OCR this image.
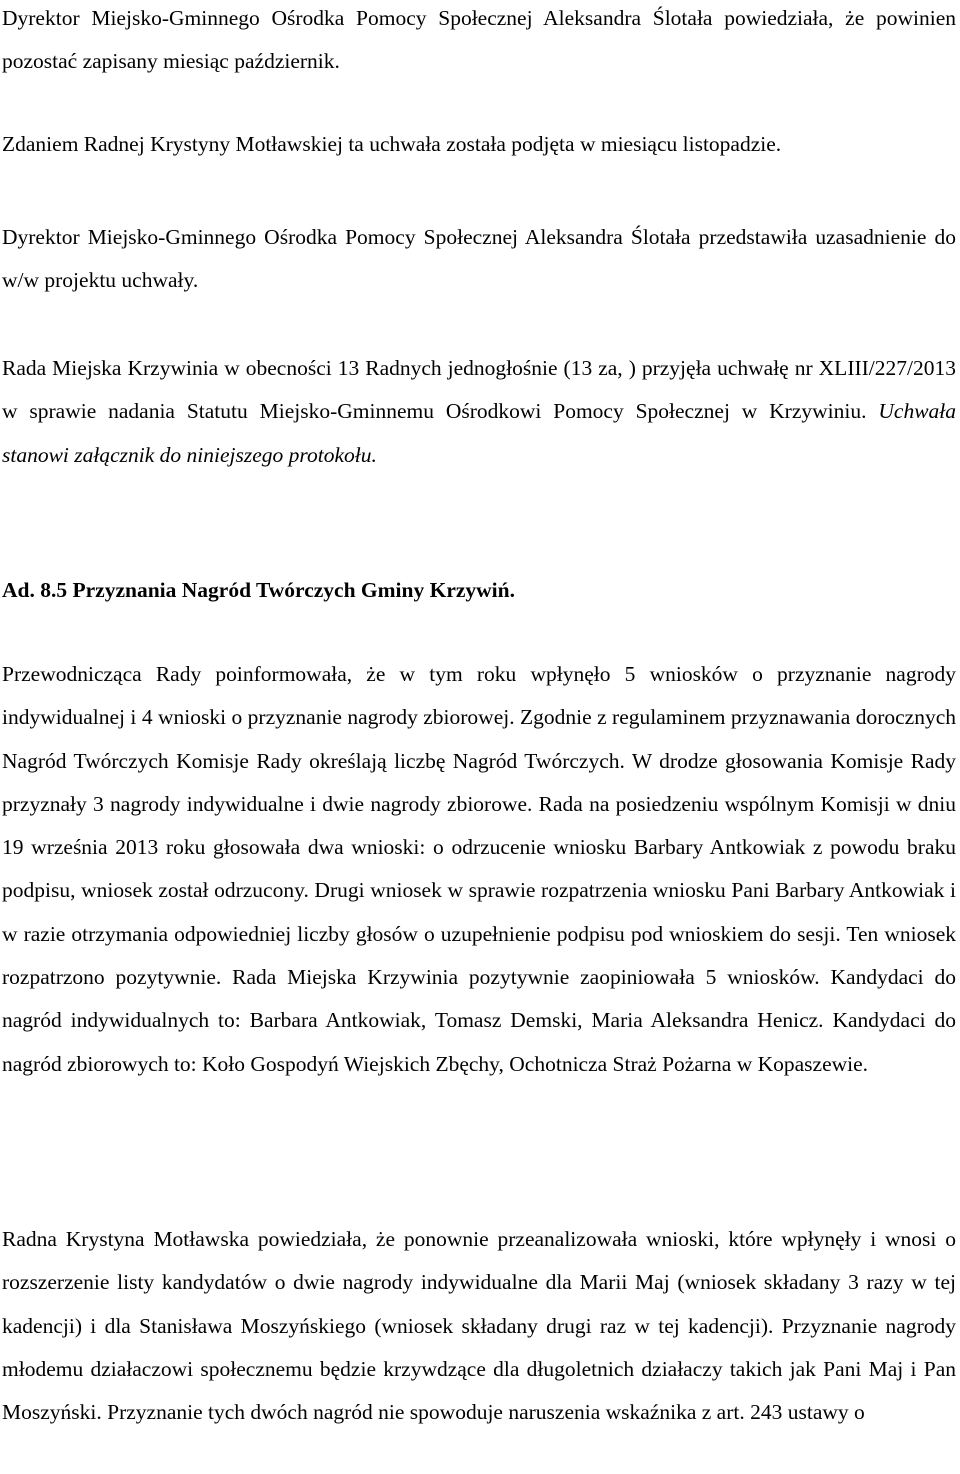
Dyrektor Miejsko-Gminnego Ośrodka Pomocy Społecznej Aleksandra Ślotała powiedziała, że powinien pozostać zapisany miesiąc październik.

Zdaniem Radnej Krystyny Motławskiej ta uchwała została podjęta w miesiącu listopadzie.

Dyrektor Miejsko-Gminnego Ośrodka Pomocy Społecznej Aleksandra Ślotała przedstawiła uzasadnienie do w/w projektu uchwały.

Rada Miejska Krzywinia w obecności 13 Radnych jednogłośnie (13 za, ) przyjęła uchwałę nr XLIII/227/2013 w sprawie nadania Statutu Miejsko-Gminnemu Ośrodkowi Pomocy Społecznej w Krzywiniu. Uchwała stanowi załącznik do niniejszego protokołu.

Ad. 8.5 Przyznania Nagród Twórczych Gminy Krzywiń.

Przewodnicząca Rady poinformowała, że w tym roku wpłynęło 5 wniosków o przyznanie nagrody indywidualnej i 4 wnioski o przyznanie nagrody zbiorowej. Zgodnie z regulaminem przyznawania dorocznych Nagród Twórczych Komisje Rady określają liczbę Nagród Twórczych. W drodze głosowania Komisje Rady przyznały 3 nagrody indywidualne i dwie nagrody zbiorowe. Rada na posiedzeniu wspólnym Komisji w dniu 19 września 2013 roku głosowała dwa wnioski: o odrzucenie wniosku Barbary Antkowiak z powodu braku podpisu, wniosek został odrzucony. Drugi wniosek w sprawie rozpatrzenia wniosku Pani Barbary Antkowiak i w razie otrzymania odpowiedniej liczby głosów o uzupełnienie podpisu pod wnioskiem do sesji. Ten wniosek rozpatrzono pozytywnie. Rada Miejska Krzywinia pozytywnie zaopiniowała 5 wniosków. Kandydaci do nagród indywidualnych to: Barbara Antkowiak, Tomasz Demski, Maria Aleksandra Henicz. Kandydaci do nagród zbiorowych to: Koło Gospodyń Wiejskich Zbęchy, Ochotnicza Straż Pożarna w Kopaszewie.

Radna Krystyna Motławska powiedziała, że ponownie przeanalizowała wnioski, które wpłynęły i wnosi o rozszerzenie listy kandydatów o dwie nagrody indywidualne dla Marii Maj (wniosek składany 3 razy w tej kadencji) i dla Stanisława Moszyńskiego (wniosek składany drugi raz w tej kadencji). Przyznanie nagrody młodemu działaczowi społecznemu będzie krzywdzące dla długoletnich działaczy takich jak Pani Maj i Pan Moszyński. Przyznanie tych dwóch nagród nie spowoduje naruszenia wskaźnika z art. 243 ustawy o
